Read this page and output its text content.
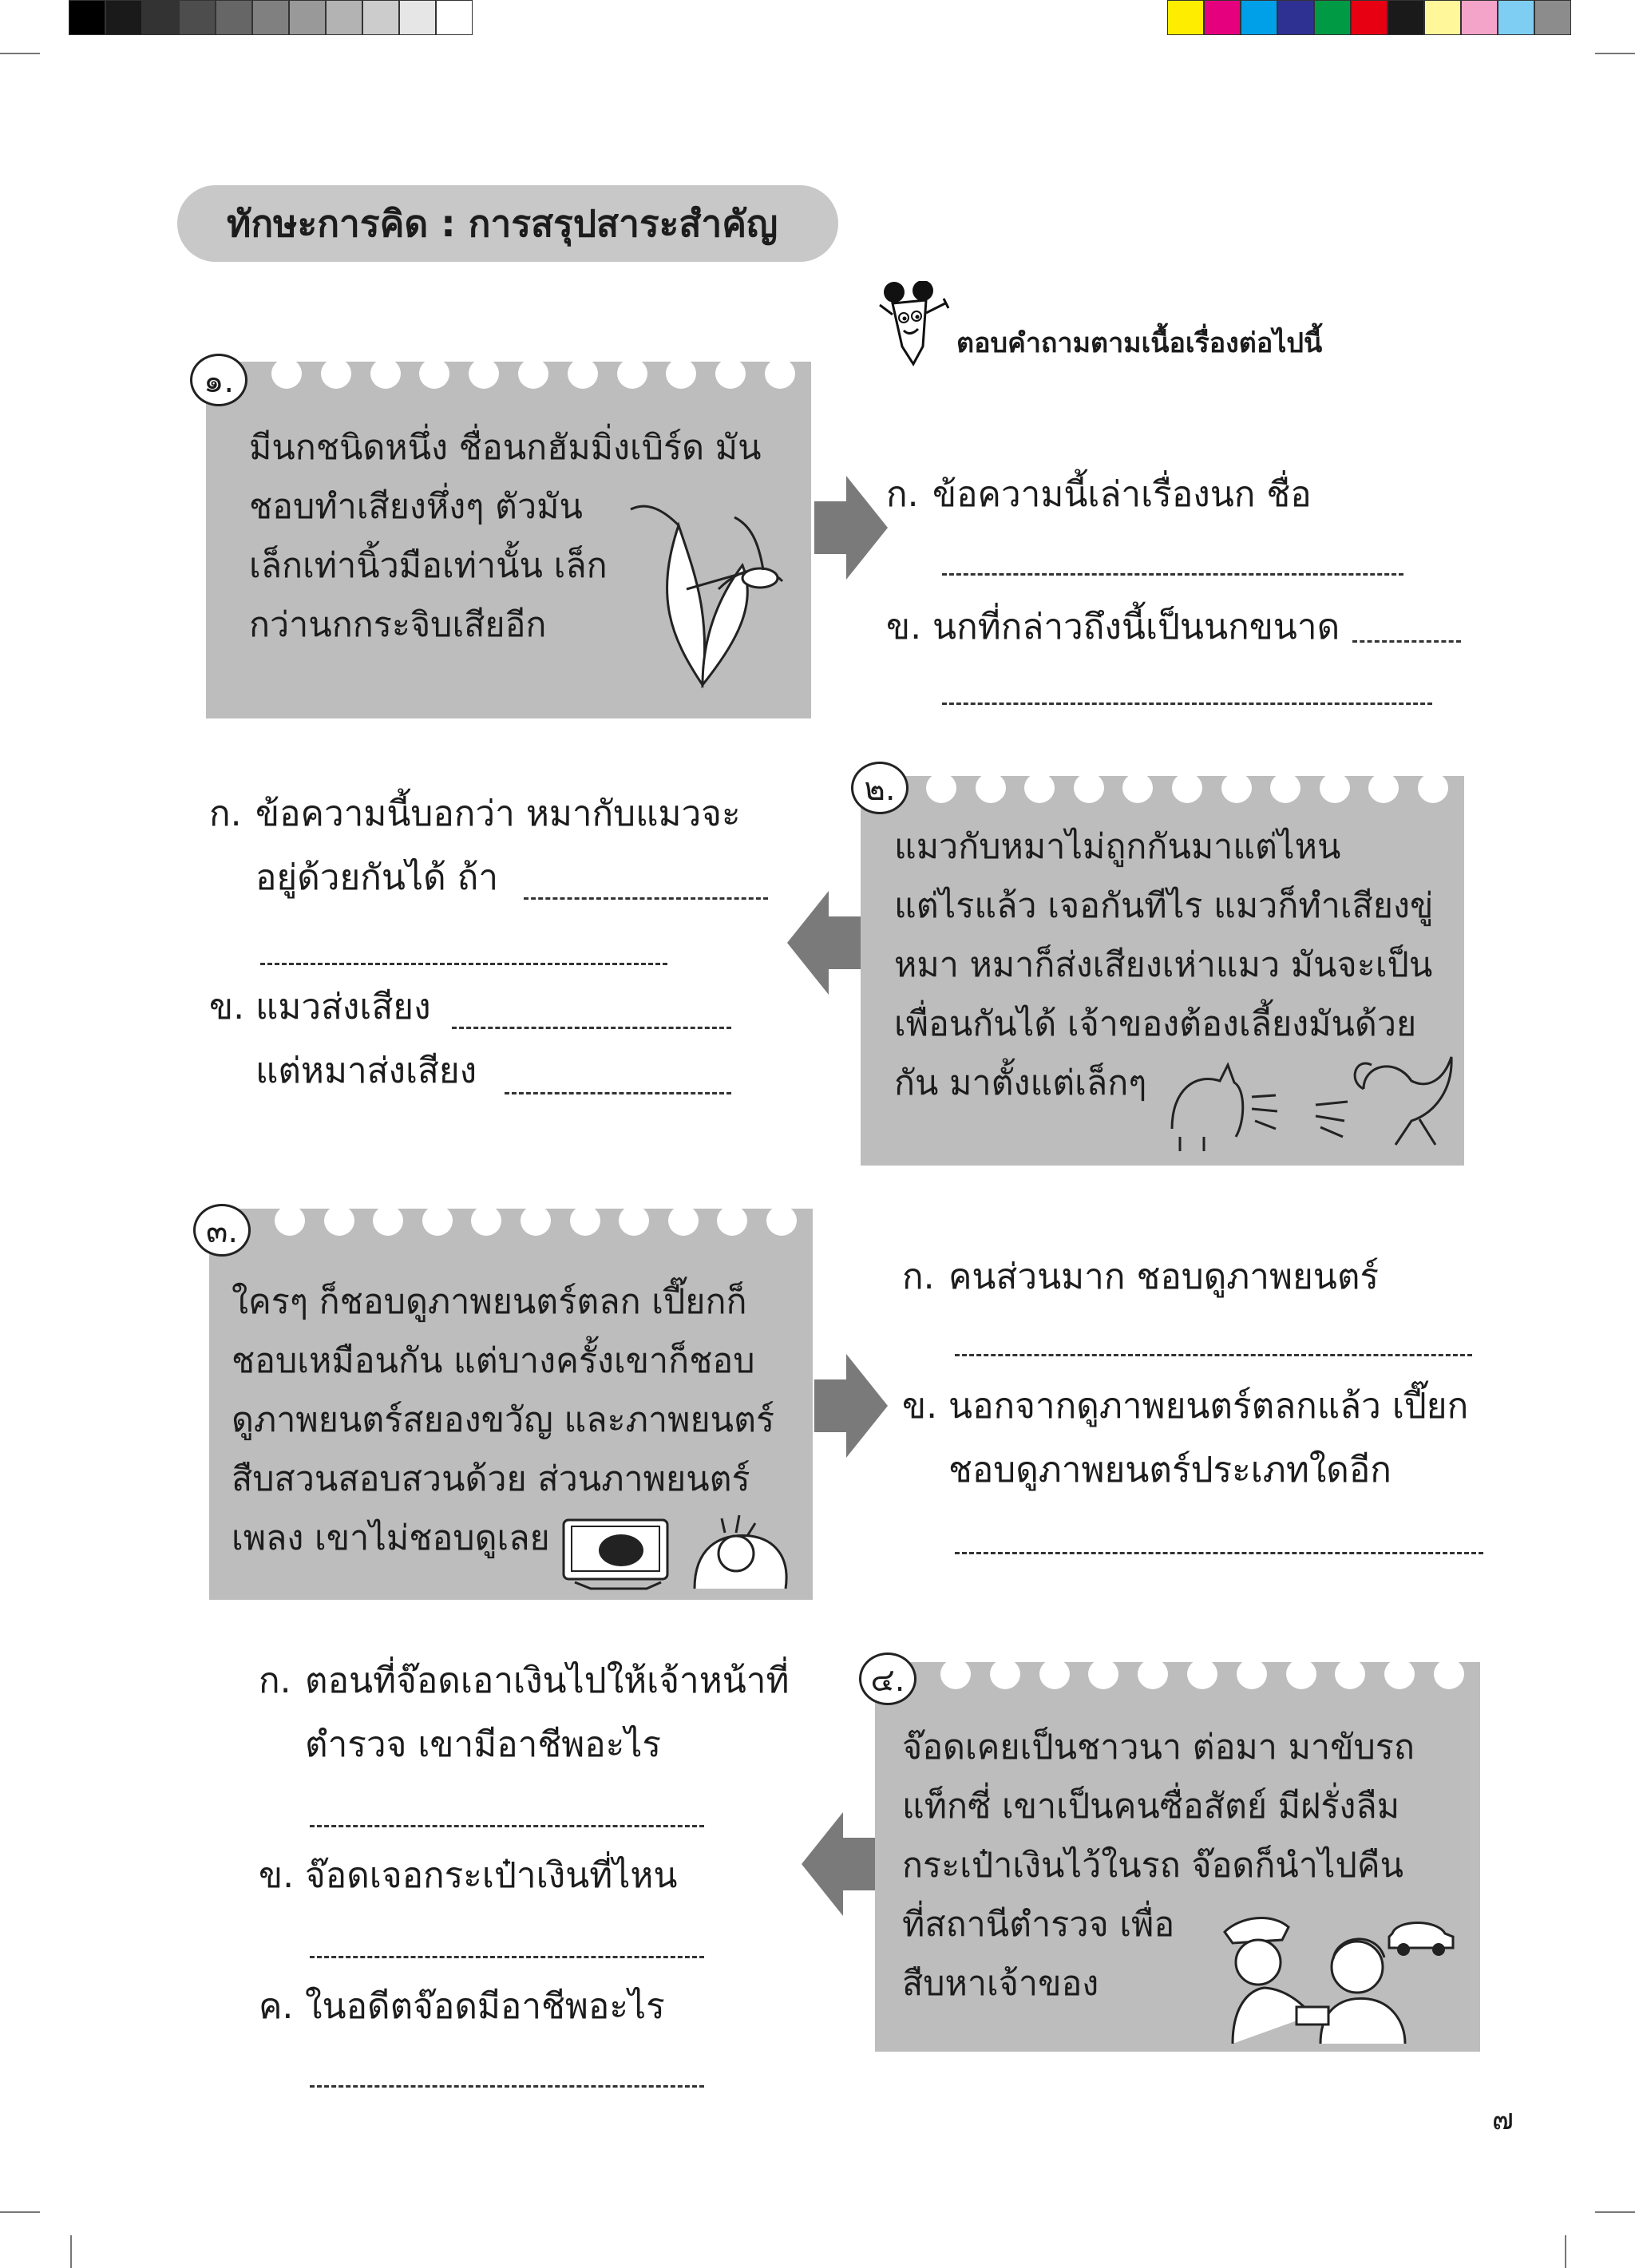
ทักษะการคิด : การสรุปสาระสำคัญ
ตอบคำถามตามเนื้อเรื่องต่อไปนี้
๑.
มีนกชนิดหนึ่ง ชื่อนกฮัมมิ่งเบิร์ด มัน
ชอบทำเสียงหึ่งๆ ตัวมัน
เล็กเท่านิ้วมือเท่านั้น เล็ก
กว่านกกระจิบเสียอีก
ก. ข้อความนี้เล่าเรื่องนก ชื่อ
ข. นกที่กล่าวถึงนี้เป็นนกขนาด
๒.
แมวกับหมาไม่ถูกกันมาแต่ไหน
แต่ไรแล้ว เจอกันทีไร แมวก็ทำเสียงขู่
หมา หมาก็ส่งเสียงเห่าแมว มันจะเป็น
เพื่อนกันได้ เจ้าของต้องเลี้ยงมันด้วย
กัน มาตั้งแต่เล็กๆ
ก. ข้อความนี้บอกว่า หมากับแมวจะ
อยู่ด้วยกันได้ ถ้า
ข. แมวส่งเสียง
แต่หมาส่งเสียง
๓.
ใครๆ ก็ชอบดูภาพยนตร์ตลก เปี๊ยกก็
ชอบเหมือนกัน แต่บางครั้งเขาก็ชอบ
ดูภาพยนตร์สยองขวัญ และภาพยนตร์
สืบสวนสอบสวนด้วย ส่วนภาพยนตร์
เพลง เขาไม่ชอบดูเลย
ก. คนส่วนมาก ชอบดูภาพยนตร์
ข. นอกจากดูภาพยนตร์ตลกแล้ว เปี๊ยก
ชอบดูภาพยนตร์ประเภทใดอีก
๔.
จ๊อดเคยเป็นชาวนา ต่อมา มาขับรถ
แท็กซี่ เขาเป็นคนซื่อสัตย์ มีฝรั่งลืม
กระเป๋าเงินไว้ในรถ จ๊อดก็นำไปคืน
ที่สถานีตำรวจ เพื่อ
สืบหาเจ้าของ
ก. ตอนที่จ๊อดเอาเงินไปให้เจ้าหน้าที่
ตำรวจ เขามีอาชีพอะไร
ข. จ๊อดเจอกระเป๋าเงินที่ไหน
ค. ในอดีตจ๊อดมีอาชีพอะไร
๗
